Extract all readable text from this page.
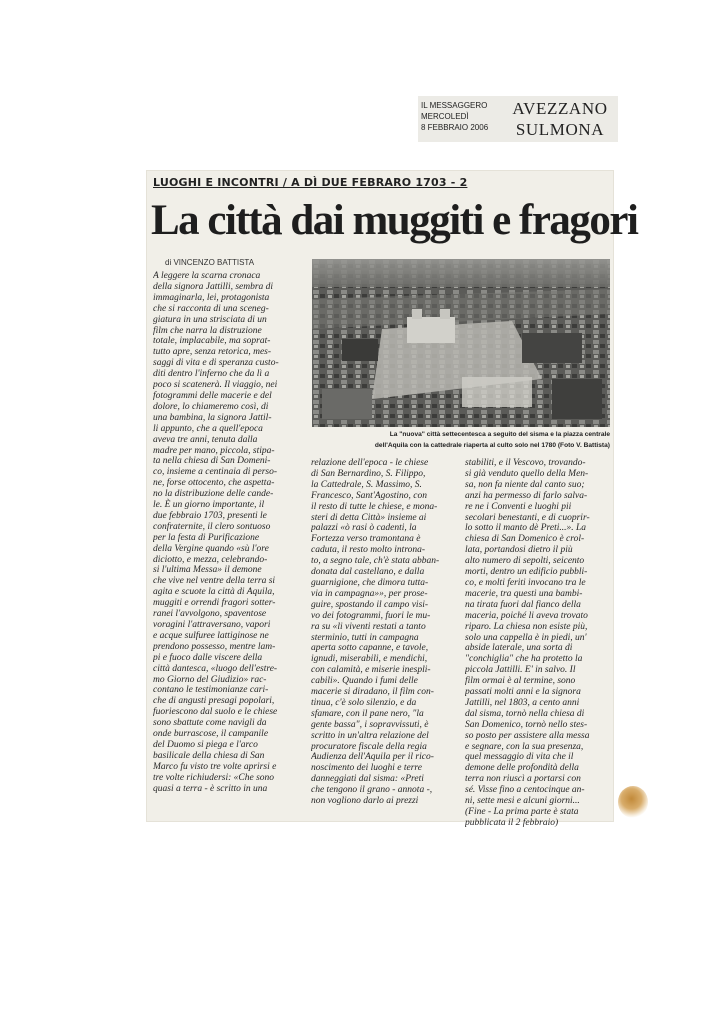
IL MESSAGGERO
MERCOLEDÌ
8 FEBBRAIO 2006
AVEZZANO
SULMONA
LUOGHI E INCONTRI / A DÌ DUE FEBRARO 1703 - 2
La città dai muggiti e fragori
di VINCENZO BATTISTA
La "nuova" città settecentesca a seguito del sisma e la piazza centrale
dell'Aquila con la cattedrale riaperta al culto solo nel 1780 (Foto V. Battista)
A leggere la scarna cronaca
della signora Jattilli, sembra di
immaginarla, lei, protagonista
che si racconta di una sceneg-
giatura in una strisciata di un
film che narra la distruzione
totale, implacabile, ma soprat-
tutto apre, senza retorica, mes-
saggi di vita e di speranza custo-
diti dentro l'inferno che da lì a
poco si scatenerà. Il viaggio, nei
fotogrammi delle macerie e del
dolore, lo chiameremo così, di
una bambina, la signora Jattil-
li appunto, che a quell'epoca
aveva tre anni, tenuta dalla
madre per mano, piccola, stipa-
ta nella chiesa di San Domeni-
co, insieme a centinaia di perso-
ne, forse ottocento, che aspetta-
no la distribuzione delle cande-
le. È un giorno importante, il
due febbraio 1703, presenti le
confraternite, il clero sontuoso
per la festa di Purificazione
della Vergine quando «sù l'ore
diciotto, e mezza, celebrando-
si l'ultima Messa» il demone
che vive nel ventre della terra si
agita e scuote la città di Aquila,
muggiti e orrendi fragori sotter-
ranei l'avvolgono, spaventose
voragini l'attraversano, vapori
e acque sulfuree lattiginose ne
prendono possesso, mentre lam-
pi e fuoco dalle viscere della
città dantesca, «luogo dell'estre-
mo Giorno del Giudizio» rac-
contano le testimonianze cari-
che di angusti presagi popolari,
fuoriescono dal suolo e le chiese
sono sbattute come navigli da
onde burrascose, il campanile
del Duomo si piega e l'arco
basilicale della chiesa di San
Marco fu visto tre volte aprirsi e
tre volte richiudersi: «Che sono
quasi a terra - è scritto in una
relazione dell'epoca - le chiese
di San Bernardino, S. Filippo,
la Cattedrale, S. Massimo, S.
Francesco, Sant'Agostino, con
il resto di tutte le chiese, e mona-
steri di detta Città» insieme ai
palazzi «ò rasi ò cadenti, la
Fortezza verso tramontana è
caduta, il resto molto introna-
to, a segno tale, ch'è stata abban-
donata dal castellano, e dalla
guarnigione, che dimora tutta-
via in campagna»», per prose-
guire, spostando il campo visi-
vo dei fotogrammi, fuori le mu-
ra su «li viventi restati a tanto
sterminio, tutti in campagna
aperta sotto capanne, e tavole,
ignudi, miserabili, e mendichi,
con calamità, e miserie inespli-
cabili». Quando i fumi delle
macerie si diradano, il film con-
tinua, c'è solo silenzio, e da
sfamare, con il pane nero, "la
gente bassa", i sopravvissuti, è
scritto in un'altra relazione del
procuratore fiscale della regia
Audienza dell'Aquila per il rico-
noscimento dei luoghi e terre
danneggiati dal sisma: «Preti
che tengono il grano - annota -,
non vogliono darlo ai prezzi
stabiliti, e il Vescovo, trovando-
si già venduto quello della Men-
sa, non fa niente dal canto suo;
anzi ha permesso di farlo salva-
re ne i Conventi e luoghi pii
secolari benestanti, e di cuoprir-
lo sotto il manto dè Preti...». La
chiesa di San Domenico è crol-
lata, portandosi dietro il più
alto numero di sepolti, seicento
morti, dentro un edificio pubbli-
co, e molti feriti invocano tra le
macerie, tra questi una bambi-
na tirata fuori dal fianco della
maceria, poiché li aveva trovato
riparo. La chiesa non esiste più,
solo una cappella è in piedi, un'
abside laterale, una sorta di
"conchiglia" che ha protetto la
piccola Jattilli. E' in salvo. Il
film ormai è al termine, sono
passati molti anni e la signora
Jattilli, nel 1803, a cento anni
dal sisma, tornò nella chiesa di
San Domenico, tornò nello stes-
so posto per assistere alla messa
e segnare, con la sua presenza,
quel messaggio di vita che il
demone delle profondità della
terra non riuscì a portarsi con
sé. Visse fino a centocinque an-
ni, sette mesi e alcuni giorni...
(Fine - La prima parte è stata
pubblicata il 2 febbraio)
